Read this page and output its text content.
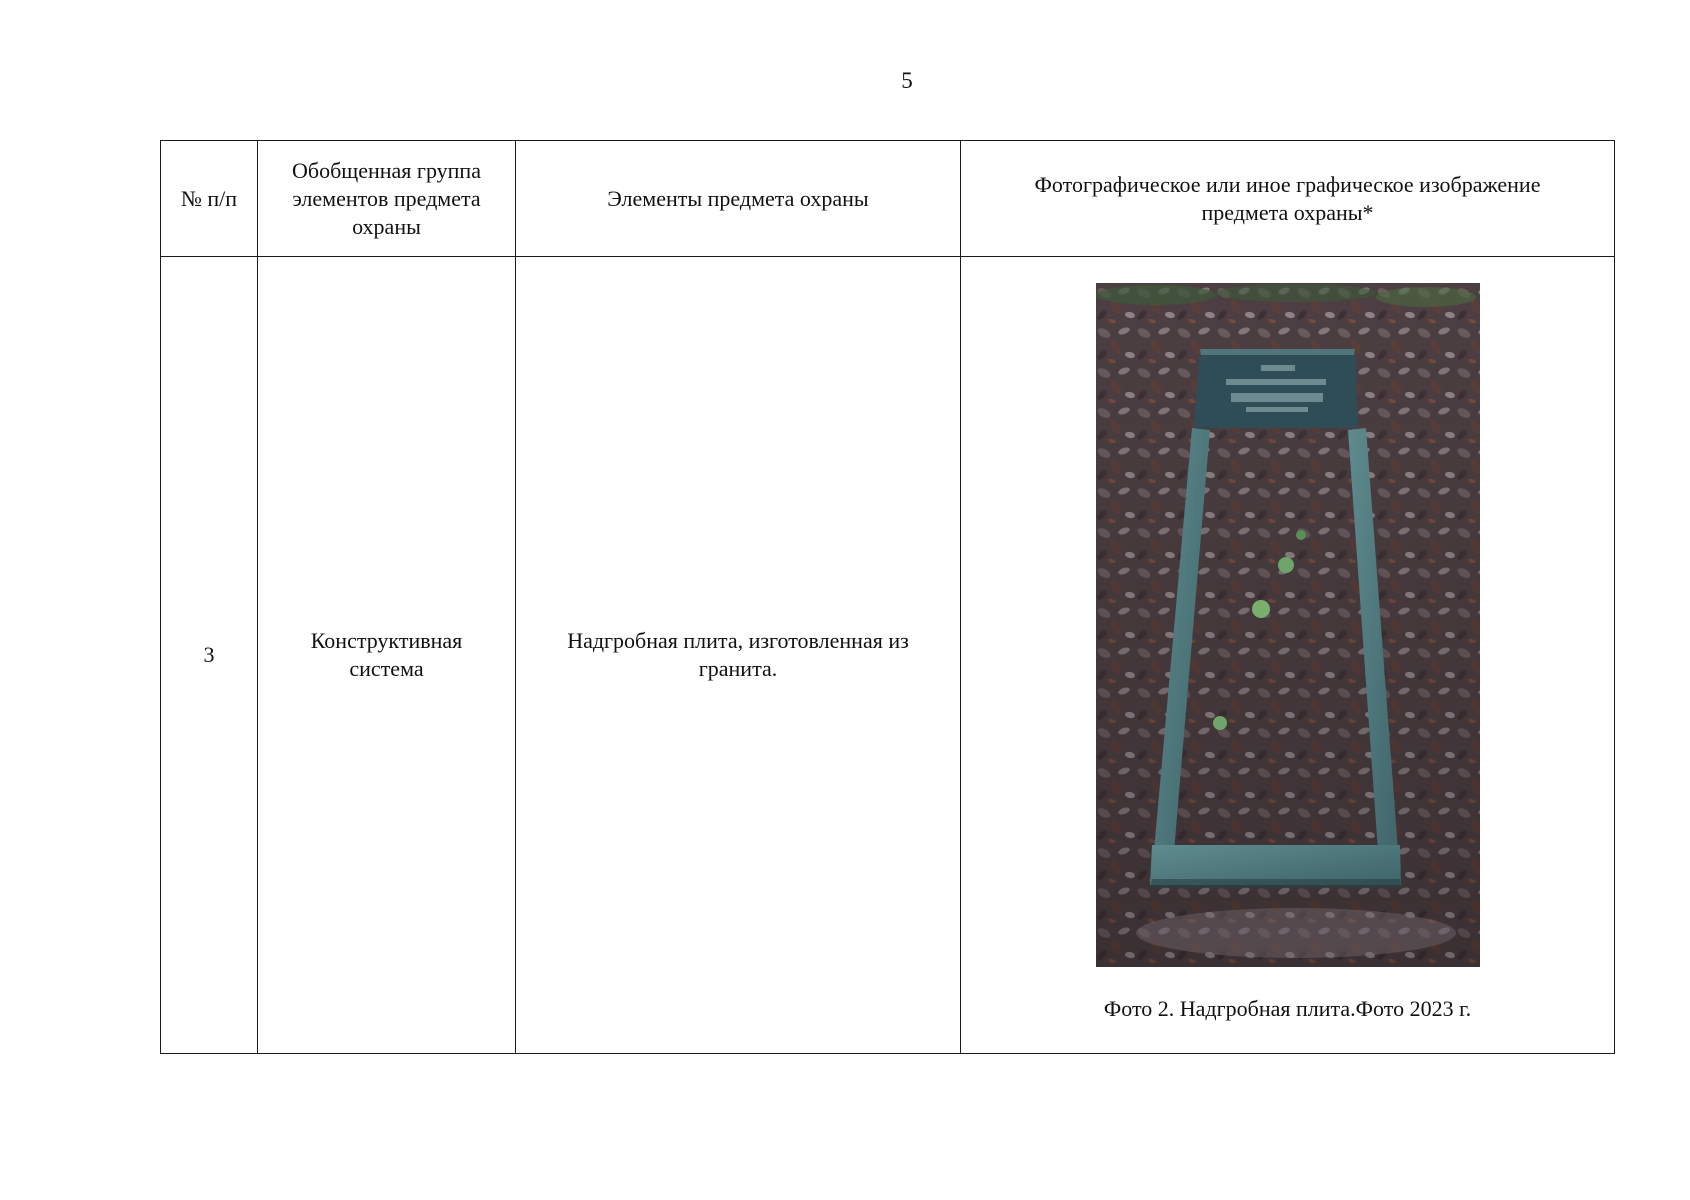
5
№ п/п	Обобщенная группа элементов предмета охраны	Элементы предмета охраны	Фотографическое или иное графическое изображение предмета охраны*
3	Конструктивная система	Надгробная плита, изготовленная из гранита.	Фото 2. Надгробная плита.Фото 2023 г.
